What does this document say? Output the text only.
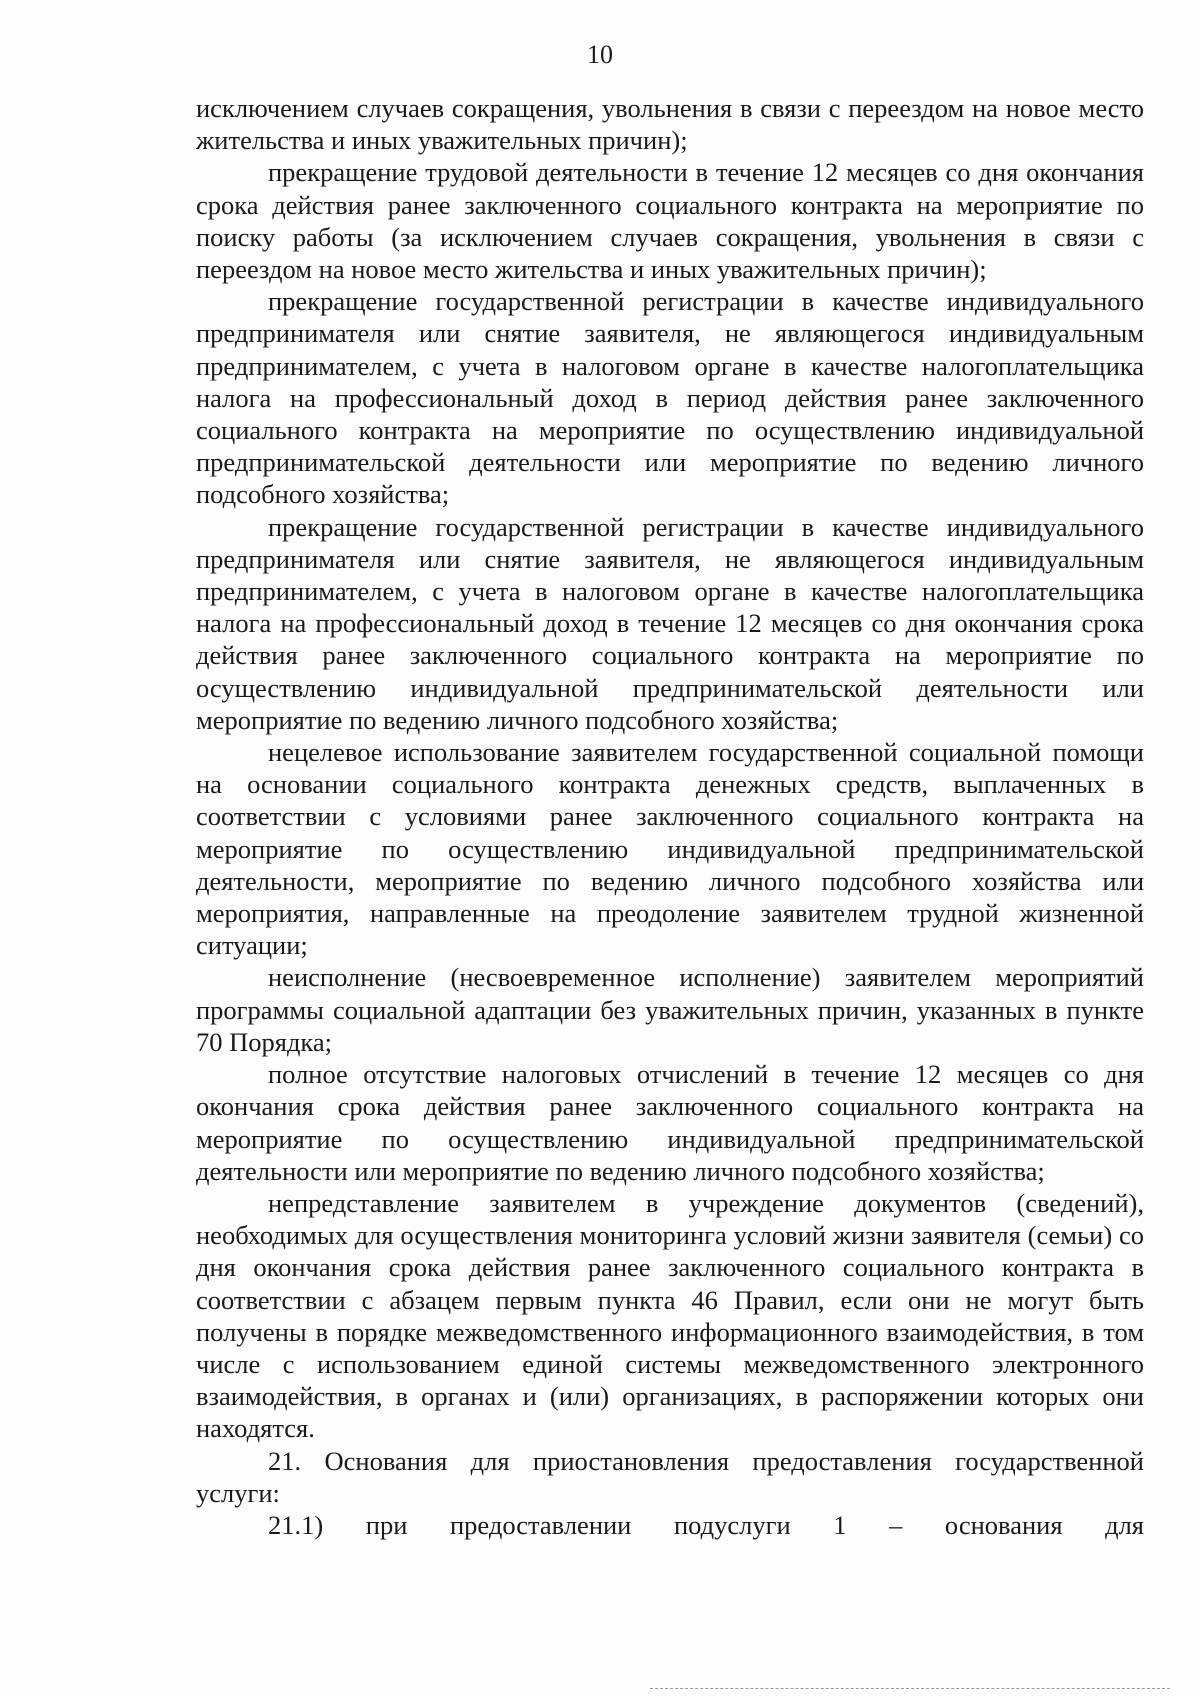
10

исключением случаев сокращения, увольнения в связи с переездом на новое место жительства и иных уважительных причин);

прекращение трудовой деятельности в течение 12 месяцев со дня окончания срока действия ранее заключенного социального контракта на мероприятие по поиску работы (за исключением случаев сокращения, увольнения в связи с переездом на новое место жительства и иных уважительных причин);

прекращение государственной регистрации в качестве индивидуального предпринимателя или снятие заявителя, не являющегося индивидуальным предпринимателем, с учета в налоговом органе в качестве налогоплательщика налога на профессиональный доход в период действия ранее заключенного социального контракта на мероприятие по осуществлению индивидуальной предпринимательской деятельности или мероприятие по ведению личного подсобного хозяйства;

прекращение государственной регистрации в качестве индивидуального предпринимателя или снятие заявителя, не являющегося индивидуальным предпринимателем, с учета в налоговом органе в качестве налогоплательщика налога на профессиональный доход в течение 12 месяцев со дня окончания срока действия ранее заключенного социального контракта на мероприятие по осуществлению индивидуальной предпринимательской деятельности или мероприятие по ведению личного подсобного хозяйства;

нецелевое использование заявителем государственной социальной помощи на основании социального контракта денежных средств, выплаченных в соответствии с условиями ранее заключенного социального контракта на мероприятие по осуществлению индивидуальной предпринимательской деятельности, мероприятие по ведению личного подсобного хозяйства или мероприятия, направленные на преодоление заявителем трудной жизненной ситуации;

неисполнение (несвоевременное исполнение) заявителем мероприятий программы социальной адаптации без уважительных причин, указанных в пункте 70 Порядка;

полное отсутствие налоговых отчислений в течение 12 месяцев со дня окончания срока действия ранее заключенного социального контракта на мероприятие по осуществлению индивидуальной предпринимательской деятельности или мероприятие по ведению личного подсобного хозяйства;

непредставление заявителем в учреждение документов (сведений), необходимых для осуществления мониторинга условий жизни заявителя (семьи) со дня окончания срока действия ранее заключенного социального контракта в соответствии с абзацем первым пункта 46 Правил, если они не могут быть получены в порядке межведомственного информационного взаимодействия, в том числе с использованием единой системы межведомственного электронного взаимодействия, в органах и (или) организациях, в распоряжении которых они находятся.

21. Основания для приостановления предоставления государственной услуги:

21.1) при предоставлении подуслуги 1 – основания для
